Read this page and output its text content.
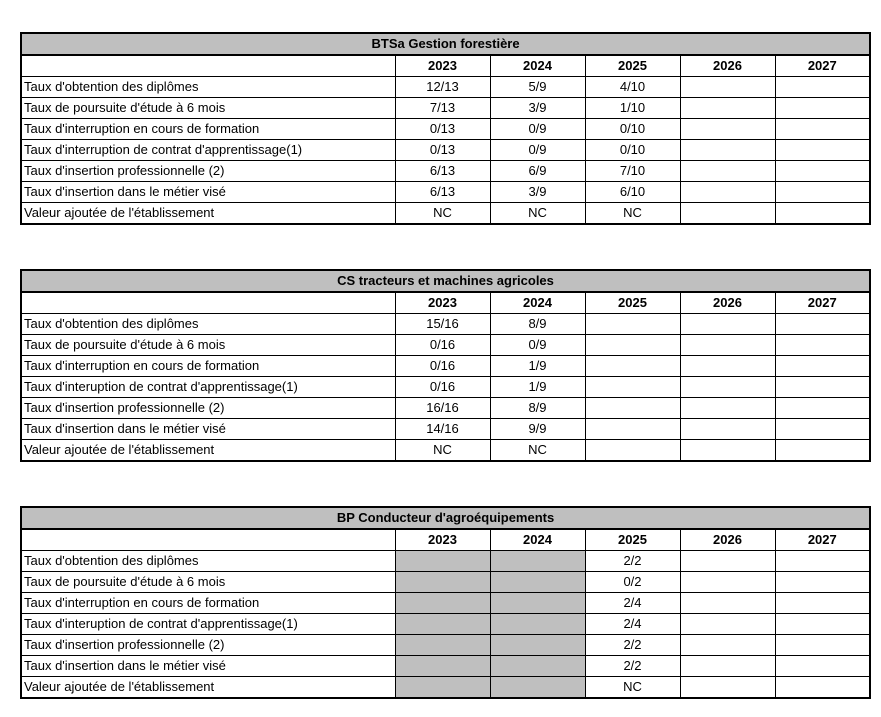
BTSa Gestion forestière					
	2023	2024	2025	2026	2027
Taux d'obtention des diplômes	12/13	5/9	4/10		
Taux de poursuite d'étude à 6 mois	7/13	3/9	1/10		
Taux d'interruption en cours de formation	0/13	0/9	0/10		
Taux d'interruption de contrat d'apprentissage(1)	0/13	0/9	0/10		
Taux d'insertion professionnelle (2)	6/13	6/9	7/10		
Taux d'insertion dans le métier visé	6/13	3/9	6/10		
Valeur ajoutée de l'établissement	NC	NC	NC		
CS tracteurs et machines agricoles					
	2023	2024	2025	2026	2027
Taux d'obtention des diplômes	15/16	8/9			
Taux de poursuite d'étude à 6 mois	0/16	0/9			
Taux d'interruption en cours de formation	0/16	1/9			
Taux d'interuption de contrat d'apprentissage(1)	0/16	1/9			
Taux d'insertion professionnelle (2)	16/16	8/9			
Taux d'insertion dans le métier visé	14/16	9/9			
Valeur ajoutée de l'établissement	NC	NC			
BP Conducteur d'agroéquipements					
	2023	2024	2025	2026	2027
Taux d'obtention des diplômes			2/2		
Taux de poursuite d'étude à 6 mois			0/2		
Taux d'interruption en cours de formation			2/4		
Taux d'interuption de contrat d'apprentissage(1)			2/4		
Taux d'insertion professionnelle (2)			2/2		
Taux d'insertion dans le métier visé			2/2		
Valeur ajoutée de l'établissement			NC		
